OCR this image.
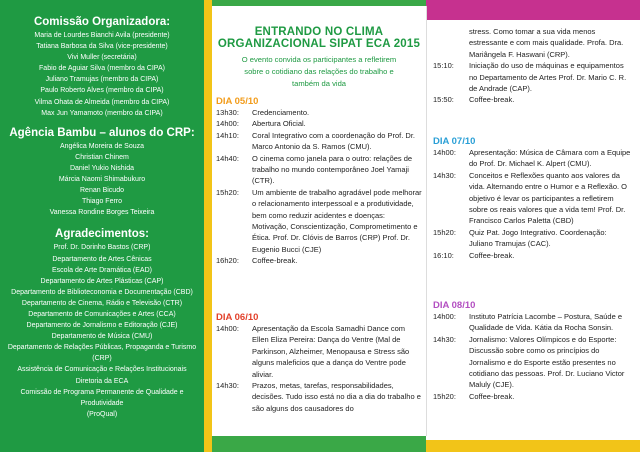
Comissão Organizadora:

Maria de Lourdes Bianchi Avila (presidente)

Tatiana Barbosa da Silva (vice-presidente)

Vivi Muller (secretária)

Fabio de Aguiar Silva (membro da CIPA)

Juliano Tramujas (membro da CIPA)

Paulo Roberto Alves (membro da CIPA)

Vilma Ohata de Almeida (membro da CIPA)

Max Jun Yamamoto (membro da CIPA)

Agência Bambu – alunos do CRP:

Angélica Moreira de Souza

Christian Chinem

Daniel Yukio Nishida

Márcia Naomi Shimabukuro

Renan Bicudo

Thiago Ferro

Vanessa Rondine Borges Teixeira

Agradecimentos:

Prof. Dr. Dorinho Bastos (CRP)

Departamento de Artes Cênicas

Escola de Arte Dramática (EAD)

Departamento de Artes Plásticas (CAP)

Departamento de Biblioteconomia e Documentação (CBD)

Departamento de Cinema, Rádio e Televisão (CTR)

Departamento de Comunicações e Artes (CCA)

Departamento de Jornalismo e Editoração (CJE)

Departamento de Música (CMU)

Departamento de Relações Públicas, Propaganda e Turismo (CRP)

Assistência de Comunicação e Relações Institucionais

Diretoria da ECA

Comissão de Programa Permanente de Qualidade e Produtividade

(ProQual)

ENTRANDO NO CLIMA
ORGANIZACIONAL SIPAT ECA 2015
O evento convida os participantes a refletirem sobre o cotidiano das relações do trabalho e também da vida
DIA 05/10
13h30: Credenciamento.
14h00: Abertura Oficial.
14h10: Coral Integrativo com a coordenação do Prof. Dr. Marco Antonio da S. Ramos (CMU).
14h40: O cinema como janela para o outro: relações de trabalho no mundo contemporâneo Joel Yamaji (CTR).
15h20: Um ambiente de trabalho agradável pode melhorar o relacionamento interpessoal e a produtividade, bem como reduzir acidentes e doenças: Motivação, Conscientização, Comprometimento e Ética. Prof. Dr. Clóvis de Barros (CRP) Prof. Dr. Eugenio Bucci (CJE)
16h20: Coffee-break.
DIA 06/10
14h00: Apresentação da Escola Samadhi Dance com Ellen Eliza Pereira: Dança do Ventre (Mal de Parkinson, Alzheimer, Menopausa e Stress são alguns maleficios que a dança do Ventre pode aliviar.
14h30: Prazos, metas, tarefas, responsabilidades, decisões. Tudo isso está no dia a dia do trabalho e são alguns dos causadores do
stress. Como tomar a sua vida menos estressante e com mais qualidade. Profa. Dra. Mariângela F. Haswani (CRP).
15:10: Iniciação do uso de máquinas e equipamentos no Departamento de Artes Prof. Dr. Mario C. R. de Andrade (CAP).
15:50: Coffee-break.
DIA 07/10
14h00: Apresentação: Música de Câmara com a Equipe do Prof. Dr. Michael K. Alpert (CMU).
14h30: Conceitos e Reflexões quanto aos valores da vida. Alternando entre o Humor e a Reflexão. O objetivo é levar os participantes a refletirem sobre os reais valores que a vida tem! Prof. Dr. Francisco Carlos Paletta (CBD)
15h20: Quiz Pat. Jogo Integrativo. Coordenação: Juliano Tramujas (CAC).
16:10: Coffee-break.
DIA 08/10
14h00: Instituto Patrícia Lacombe – Postura, Saúde e Qualidade de Vida. Kátia da Rocha Sonsin.
14h30: Jornalismo: Valores Olímpicos e do Esporte: Discussão sobre como os princípios do Jornalismo e do Esporte estão presentes no cotidiano das pessoas. Prof. Dr. Luciano Victor Maluly (CJE).
15h20: Coffee-break.
